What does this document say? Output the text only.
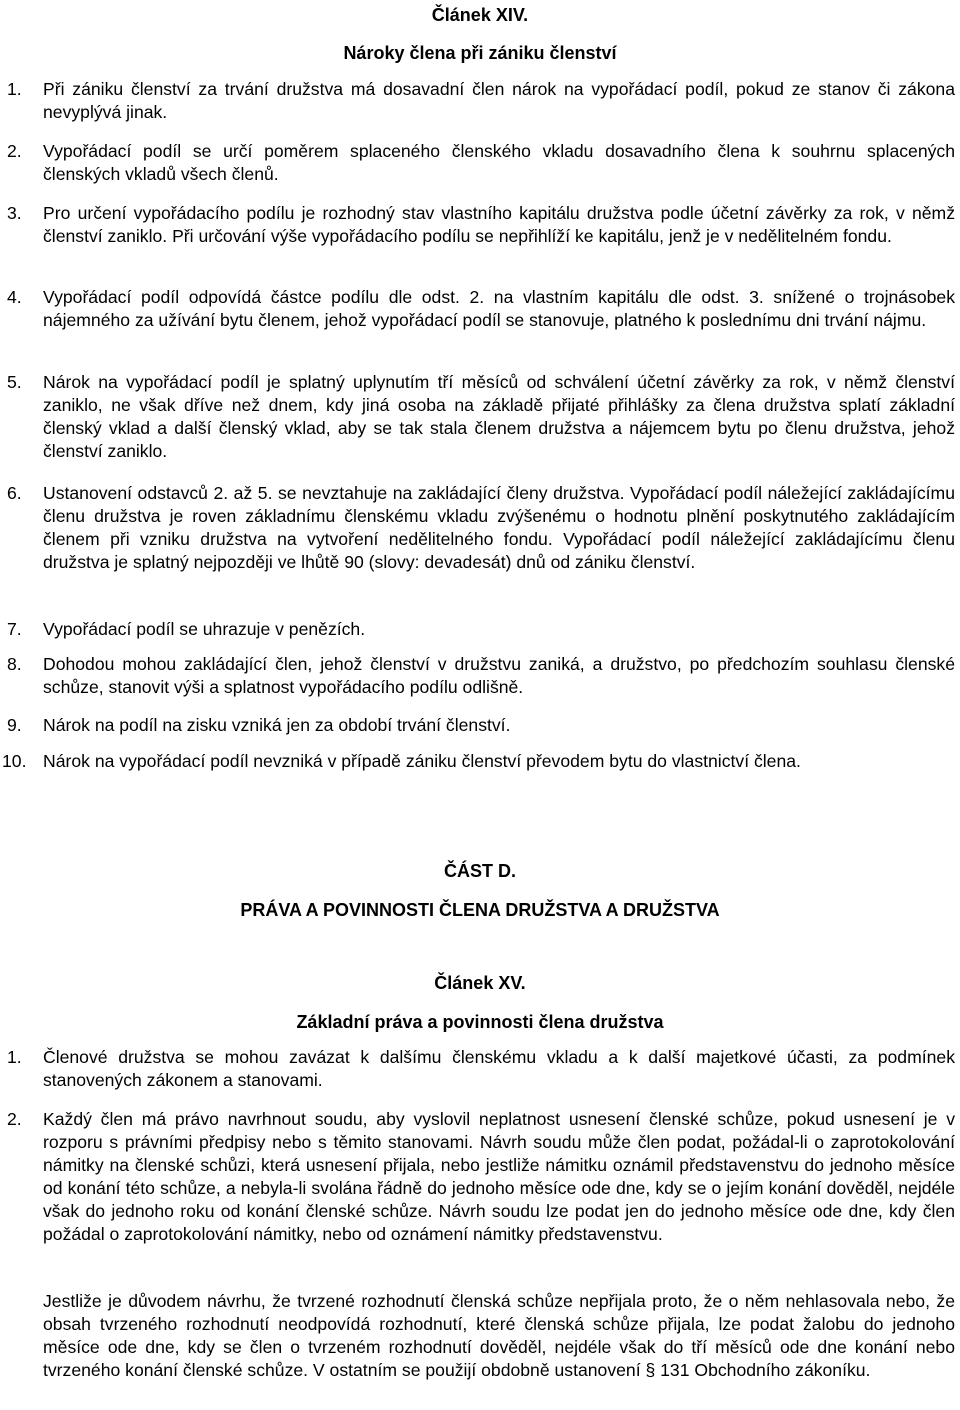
Článek XIV.
Nároky člena při zániku členství
1. Při zániku členství za trvání družstva má dosavadní člen nárok na vypořádací podíl, pokud ze stanov či zákona nevyplývá jinak.
2. Vypořádací podíl se určí poměrem splaceného členského vkladu dosavadního člena k souhrnu splacených členských vkladů všech členů.
3. Pro určení vypořádacího podílu je rozhodný stav vlastního kapitálu družstva podle účetní závěrky za rok, v němž členství zaniklo. Při určování výše vypořádacího podílu se nepřihlíží ke kapitálu, jenž je v nedělitelném fondu.
4. Vypořádací podíl odpovídá částce podílu dle odst. 2. na vlastním kapitálu dle odst. 3. snížené o trojnásobek nájemného za užívání bytu členem, jehož vypořádací podíl se stanovuje, platného k poslednímu dni trvání nájmu.
5. Nárok na vypořádací podíl je splatný uplynutím tří měsíců od schválení účetní závěrky za rok, v němž členství zaniklo, ne však dříve než dnem, kdy jiná osoba na základě přijaté přihlášky za člena družstva splatí základní členský vklad a další členský vklad, aby se tak stala členem družstva a nájemcem bytu po členu družstva, jehož členství zaniklo.
6. Ustanovení odstavců 2. až 5. se nevztahuje na zakládající členy družstva. Vypořádací podíl náležející zakládajícímu členu družstva je roven základnímu členskému vkladu zvýšenému o hodnotu plnění poskytnutého zakládajícím členem při vzniku družstva na vytvoření nedělitelného fondu. Vypořádací podíl náležející zakládajícímu členu družstva je splatný nejpozději ve lhůtě 90 (slovy: devadesát) dnů od zániku členství.
7. Vypořádací podíl se uhrazuje v penězích.
8. Dohodou mohou zakládající člen, jehož členství v družstvu zaniká, a družstvo, po předchozím souhlasu členské schůze, stanovit výši a splatnost vypořádacího podílu odlišně.
9. Nárok na podíl na zisku vzniká jen za období trvání členství.
10. Nárok na vypořádací podíl nevzniká v případě zániku členství převodem bytu do vlastnictví člena.
ČÁST D.
PRÁVA A POVINNOSTI ČLENA DRUŽSTVA A DRUŽSTVA
Článek XV.
Základní práva a povinnosti člena družstva
1. Členové družstva se mohou zavázat k dalšímu členskému vkladu a k další majetkové účasti, za podmínek stanovených zákonem a stanovami.
2. Každý člen má právo navrhnout soudu, aby vyslovil neplatnost usnesení členské schůze, pokud usnesení je v rozporu s právními předpisy nebo s těmito stanovami. Návrh soudu může člen podat, požádal-li o zaprotokolování námitky na členské schůzi, která usnesení přijala, nebo jestliže námitku oznámil představenstvu do jednoho měsíce od konání této schůze, a nebyla-li svolána řádně do jednoho měsíce ode dne, kdy se o jejím konání dověděl, nejdéle však do jednoho roku od konání členské schůze. Návrh soudu lze podat jen do jednoho měsíce ode dne, kdy člen požádal o zaprotokolování námitky, nebo od oznámení námitky představenstvu.
Jestliže je důvodem návrhu, že tvrzené rozhodnutí členská schůze nepřijala proto, že o něm nehlasovala nebo, že obsah tvrzeného rozhodnutí neodpovídá rozhodnutí, které členská schůze přijala, lze podat žalobu do jednoho měsíce ode dne, kdy se člen o tvrzeném rozhodnutí dověděl, nejdéle však do tří měsíců ode dne konání nebo tvrzeného konání členské schůze. V ostatním se použijí obdobně ustanovení § 131 Obchodního zákoníku.
